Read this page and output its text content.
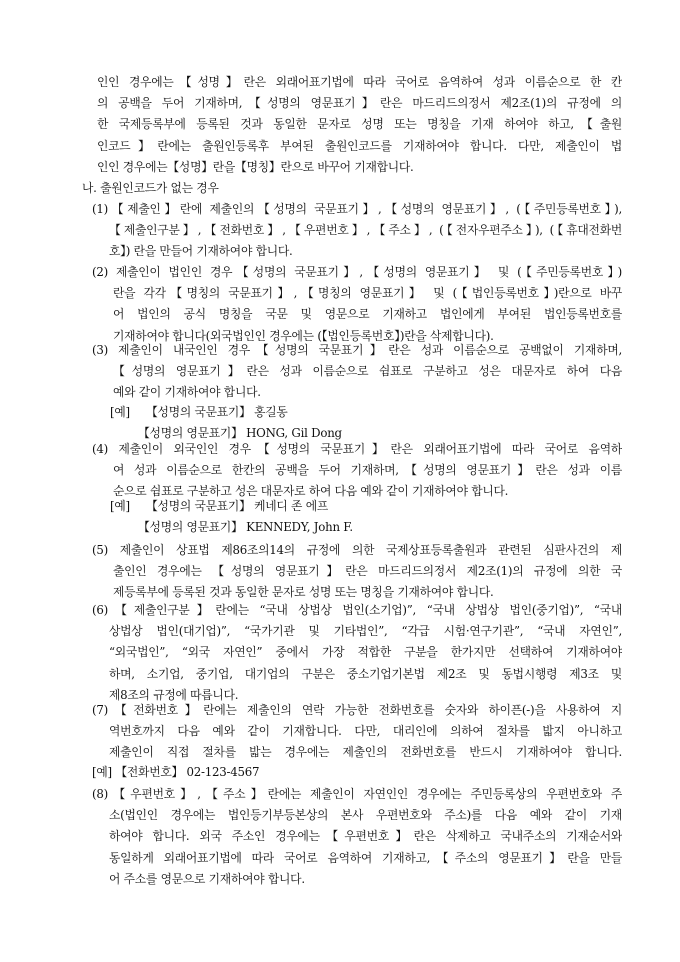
인인 경우에는【성명】란은 외래어표기법에 따라 국어로 음역하여 성과 이름순으로 한 칸
의 공백을 두어 기재하며,【성명의 영문표기】란은 마드리드의정서 제2조(1)의 규정에 의
한 국제등록부에 등록된 것과 동일한 문자로 성명 또는 명칭을 기재 하여야 하고,【출원
인코드】란에는 출원인등록후 부여된 출원인코드를 기재하여야 합니다. 다만, 제출인이 법
인인 경우에는【성명】란을【명칭】란으로 바꾸어 기재합니다.
나. 출원인코드가 없는 경우
(1)【제출인】란에 제출인의【성명의 국문표기】,【성명의 영문표기】, (【주민등록번호】),
【제출인구분】,【전화번호】,【우편번호】,【주소】, (【전자우편주소】), (【휴대전화번
호】) 란을 만들어 기재하여야 합니다.
(2) 제출인이 법인인 경우【성명의 국문표기】,【성명의 영문표기】 및 (【주민등록번호】)
란을 각각【명칭의 국문표기】,【명칭의 영문표기】 및 (【법인등록번호】)란으로 바꾸
어 법인의 공식 명칭을 국문 및 영문으로 기재하고 법인에게 부여된 법인등록번호를
기재하여야 합니다(외국법인인 경우에는 (【법인등록번호】)란을 삭제합니다).
(3) 제출인이 내국인인 경우【성명의 국문표기】란은 성과 이름순으로 공백없이 기재하며,
【성명의 영문표기】란은 성과 이름순으로 쉼표로 구분하고 성은 대문자로 하여 다음
예와 같이 기재하여야 합니다.
[예] 【성명의 국문표기】 홍길동
【성명의 영문표기】 HONG, Gil Dong
(4) 제출인이 외국인인 경우【성명의 국문표기】란은 외래어표기법에 따라 국어로 음역하
여 성과 이름순으로 한칸의 공백을 두어 기재하며,【성명의 영문표기】란은 성과 이름
순으로 쉼표로 구분하고 성은 대문자로 하여 다음 예와 같이 기재하여야 합니다.
[예] 【성명의 국문표기】 케네디 존 에프
【성명의 영문표기】 KENNEDY, John F.
(5) 제출인이 상표법 제86조의14의 규정에 의한 국제상표등록출원과 관련된 심판사건의 제
출인인 경우에는 【성명의 영문표기】란은 마드리드의정서 제2조(1)의 규정에 의한 국
제등록부에 등록된 것과 동일한 문자로 성명 또는 명칭을 기재하여야 합니다.
(6)【제출인구분】란에는 “국내 상법상 법인(소기업)”, “국내 상법상 법인(중기업)”, “국내
상법상 법인(대기업)”, “국가기관 및 기타법인”, “각급 시험·연구기관”, “국내 자연인”,
“외국법인”, “외국 자연인” 중에서 가장 적합한 구분을 한가지만 선택하여 기재하여야
하며, 소기업, 중기업, 대기업의 구분은 중소기업기본법 제2조 및 동법시행령 제3조 및
제8조의 규정에 따릅니다.
(7)【전화번호】란에는 제출인의 연락 가능한 전화번호를 숫자와 하이픈(-)을 사용하여 지
역번호까지 다음 예와 같이 기재합니다. 다만, 대리인에 의하여 절차를 밟지 아니하고
제출인이 직접 절차를 밟는 경우에는 제출인의 전화번호를 반드시 기재하여야 합니다.
[예] 【전화번호】 02-123-4567
(8)【우편번호】,【주소】란에는 제출인이 자연인인 경우에는 주민등록상의 우편번호와 주
소(법인인 경우에는 법인등기부등본상의 본사 우편번호와 주소)를 다음 예와 같이 기재
하여야 합니다. 외국 주소인 경우에는【우편번호】란은 삭제하고 국내주소의 기재순서와
동일하게 외래어표기법에 따라 국어로 음역하여 기재하고,【주소의 영문표기】란을 만들
어 주소를 영문으로 기재하여야 합니다.
